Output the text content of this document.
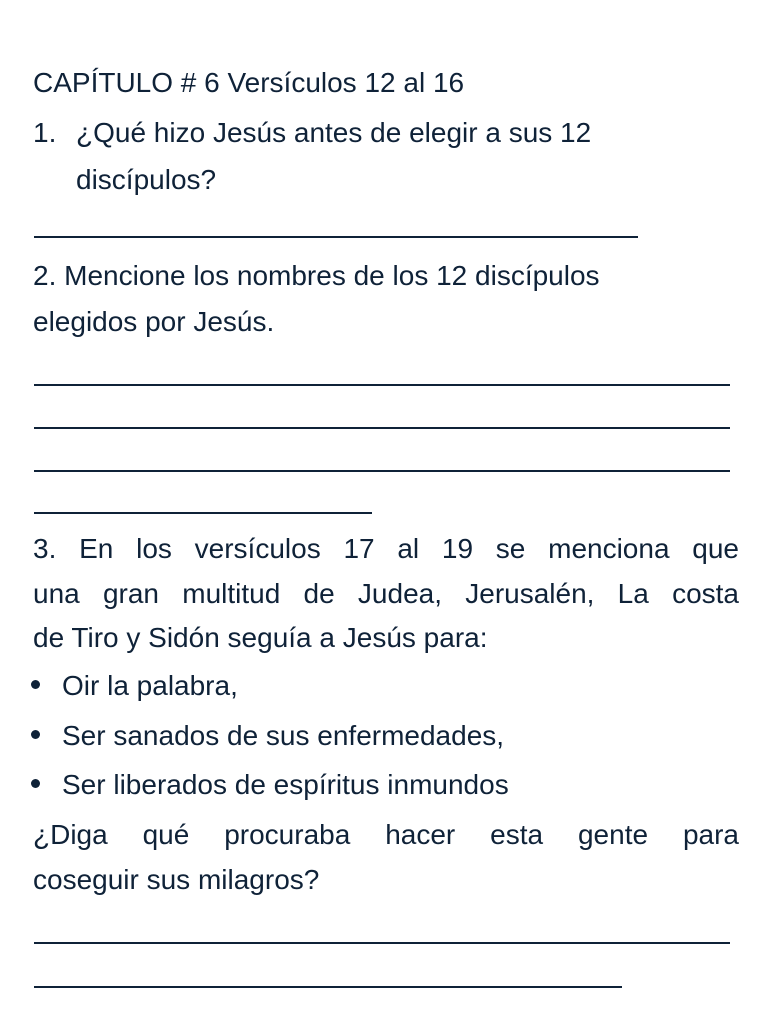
CAPÍTULO # 6 Versículos 12 al 16
1. ¿Qué hizo Jesús antes de elegir a sus 12
discípulos?
2. Mencione los nombres de los 12 discípulos
elegidos por Jesús.
3. En los versículos 17 al 19 se menciona que
una gran multitud de Judea, Jerusalén, La costa
de Tiro y Sidón seguía a Jesús para:
Oir la palabra,
Ser sanados de sus enfermedades,
Ser liberados de espíritus inmundos
¿Diga qué procuraba hacer esta gente para
coseguir sus milagros?
